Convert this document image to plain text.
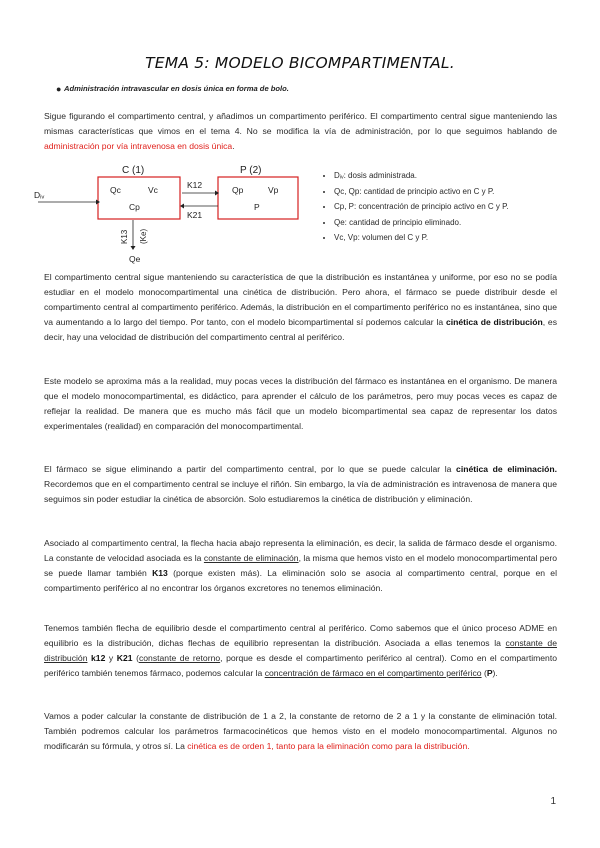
TEMA 5: MODELO BICOMPARTIMENTAL.
● Administración intravascular en dosis única en forma de bolo.
Sigue figurando el compartimento central, y añadimos un compartimento periférico. El compartimento central sigue manteniendo las mismas características que vimos en el tema 4. No se modifica la vía de administración, por lo que seguimos hablando de administración por vía intravenosa en dosis única.
C (1)	P (2)
Dᵢᵥ	Qc	Vc
Cp
Qp	Vp
P
K12
K21
K13 (Ke)
Qe
• Dᵢᵥ: dosis administrada.
• Qc, Qp: cantidad de principio activo en C y P.
• Cp, P: concentración de principio activo en C y P.
• Qe: cantidad de principio eliminado.
• Vc, Vp: volumen del C y P.
El compartimento central sigue manteniendo su característica de que la distribución es instantánea y uniforme, por eso no se podía estudiar en el modelo monocompartimental una cinética de distribución. Pero ahora, el fármaco se puede distribuir desde el compartimento central al compartimento periférico. Además, la distribución en el compartimento periférico no es instantánea, sino que va aumentando a lo largo del tiempo. Por tanto, con el modelo bicompartimental sí podemos calcular la cinética de distribución, es decir, hay una velocidad de distribución del compartimento central al periférico.
Este modelo se aproxima más a la realidad, muy pocas veces la distribución del fármaco es instantánea en el organismo. De manera que el modelo monocompartimental, es didáctico, para aprender el cálculo de los parámetros, pero muy pocas veces es capaz de reflejar la realidad. De manera que es mucho más fácil que un modelo bicompartimental sea capaz de representar los datos experimentales (realidad) en comparación del monocompartimental.
El fármaco se sigue eliminando a partir del compartimento central, por lo que se puede calcular la cinética de eliminación. Recordemos que en el compartimento central se incluye el riñón. Sin embargo, la vía de administración es intravenosa de manera que seguimos sin poder estudiar la cinética de absorción. Solo estudiaremos la cinética de distribución y eliminación.
Asociado al compartimento central, la flecha hacia abajo representa la eliminación, es decir, la salida de fármaco desde el organismo. La constante de velocidad asociada es la constante de eliminación, la misma que hemos visto en el modelo monocompartimental pero se puede llamar también K13 (porque existen más). La eliminación solo se asocia al compartimento central, porque en el compartimento periférico al no encontrar los órganos excretores no tenemos eliminación.
Tenemos también flecha de equilibrio desde el compartimento central al periférico. Como sabemos que el único proceso ADME en equilibrio es la distribución, dichas flechas de equilibrio representan la distribución. Asociada a ellas tenemos la constante de distribución k12 y K21 (constante de retorno, porque es desde el compartimento periférico al central). Como en el compartimento periférico también tenemos fármaco, podemos calcular la concentración de fármaco en el compartimento periférico (P).
Vamos a poder calcular la constante de distribución de 1 a 2, la constante de retorno de 2 a 1 y la constante de eliminación total. También podremos calcular los parámetros farmacocinéticos que hemos visto en el modelo monocompartimental. Algunos no modificarán su fórmula, y otros sí. La cinética es de orden 1, tanto para la eliminación como para la distribución.
1
